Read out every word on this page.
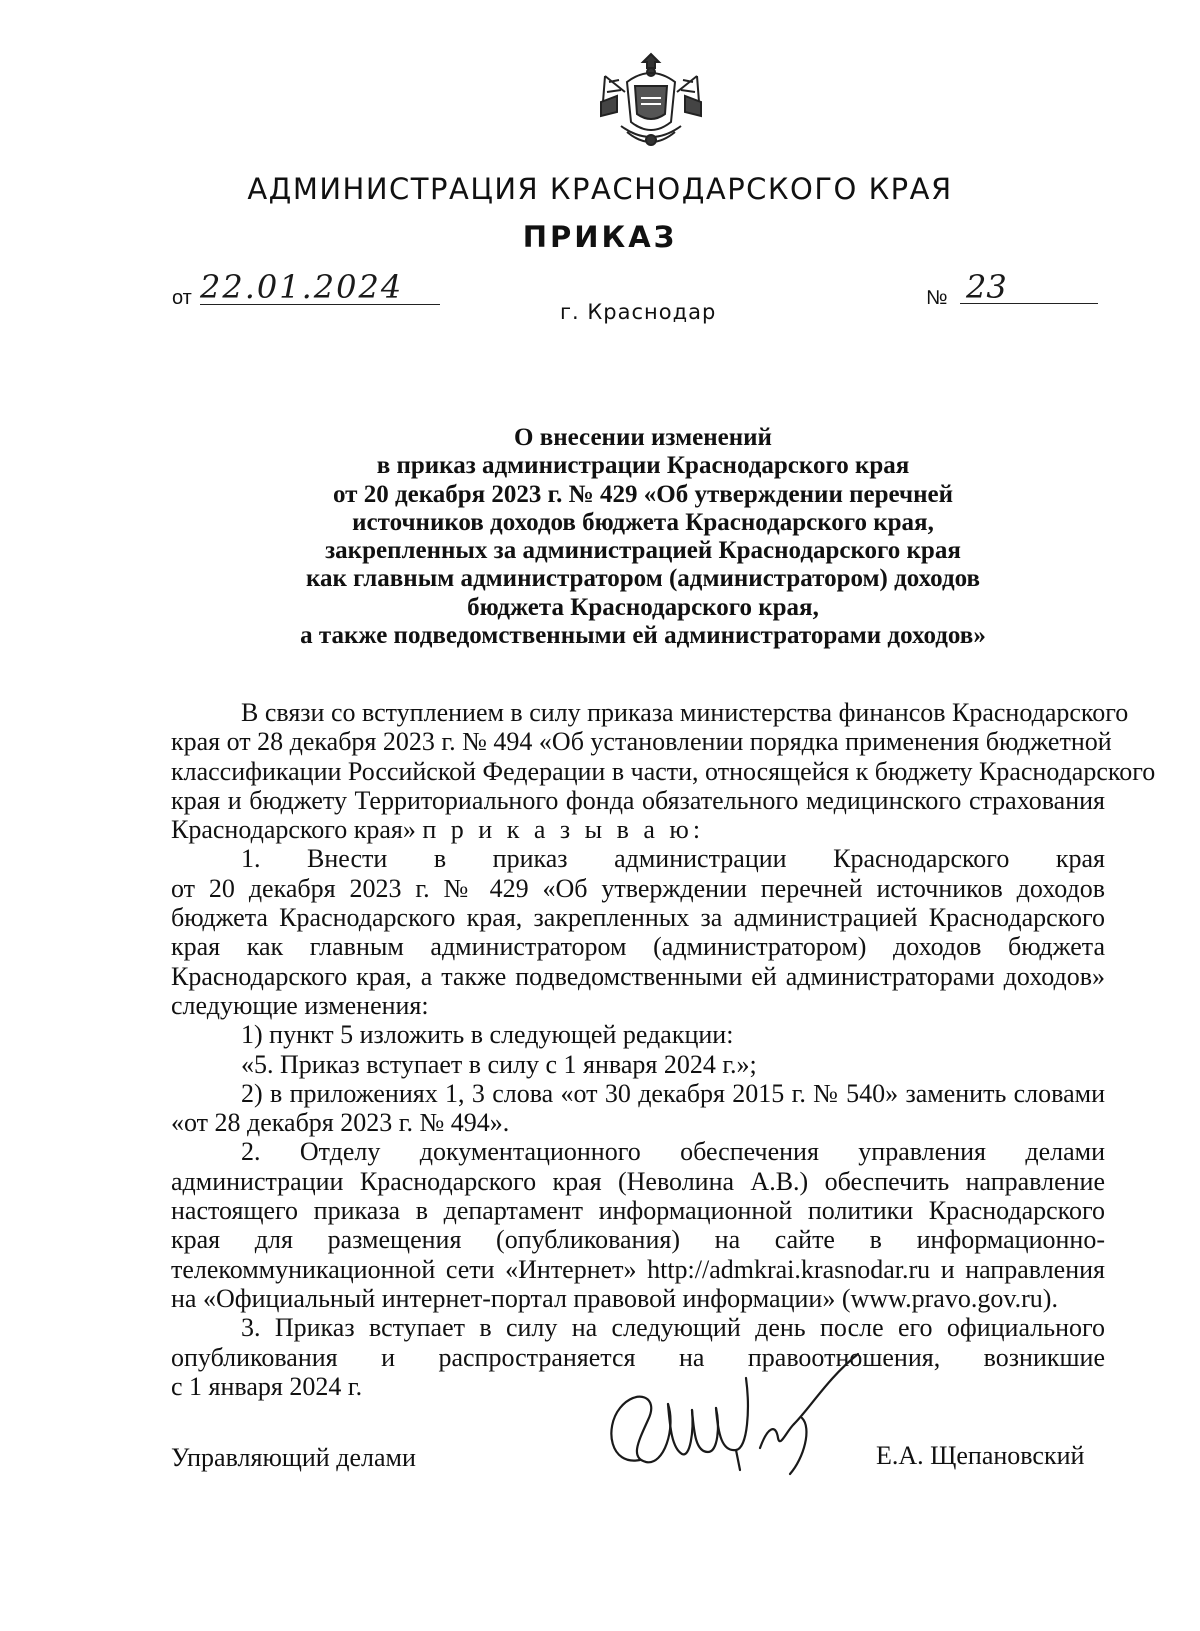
АДМИНИСТРАЦИЯ КРАСНОДАРСКОГО КРАЯ
ПРИКАЗ
от 22.01.2024	№ 23
г. Краснодар
О внесении изменений
в приказ администрации Краснодарского края
от 20 декабря 2023 г. № 429 «Об утверждении перечней
источников доходов бюджета Краснодарского края,
закрепленных за администрацией Краснодарского края
как главным администратором (администратором) доходов
бюджета Краснодарского края,
а также подведомственными ей администраторами доходов»
В связи со вступлением в силу приказа министерства финансов Краснодарского
края от 28 декабря 2023 г. № 494 «Об установлении порядка применения бюджетной
классификации Российской Федерации в части, относящейся к бюджету Краснодарского
края и бюджету Территориального фонда обязательного медицинского страхования
Краснодарского края» п р и к а з ы в а ю:
1. Внести в приказ администрации Краснодарского края
от 20 декабря 2023 г. № 429 «Об утверждении перечней источников доходов
бюджета Краснодарского края, закрепленных за администрацией Краснодарского
края как главным администратором (администратором) доходов бюджета
Краснодарского края, а также подведомственными ей администраторами доходов»
следующие изменения:
1) пункт 5 изложить в следующей редакции:
«5. Приказ вступает в силу с 1 января 2024 г.»;
2) в приложениях 1, 3 слова «от 30 декабря 2015 г. № 540» заменить словами
«от 28 декабря 2023 г. № 494».
2. Отделу документационного обеспечения управления делами
администрации Краснодарского края (Неволина А.В.) обеспечить направление
настоящего приказа в департамент информационной политики Краснодарского
края для размещения (опубликования) на сайте в информационно-
телекоммуникационной сети «Интернет» http://admkrai.krasnodar.ru и направления
на «Официальный интернет-портал правовой информации» (www.pravo.gov.ru).
3. Приказ вступает в силу на следующий день после его официального
опубликования и распространяется на правоотношения, возникшие
с 1 января 2024 г.
Управляющий делами	Е.А. Щепановский
